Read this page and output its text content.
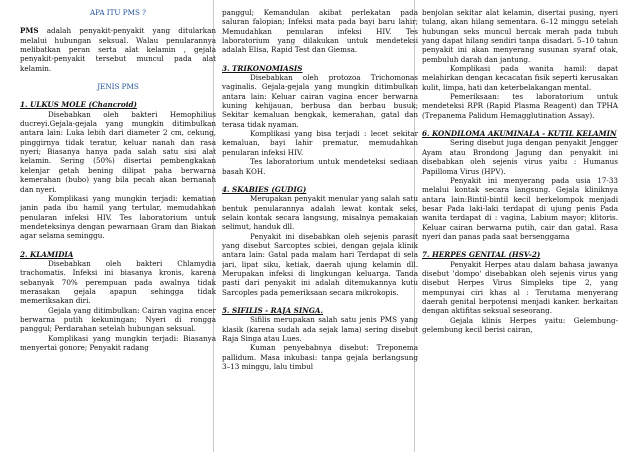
APA ITU PMS ?

PMS adalah penyakit-penyakit yang ditularkan melalui hubungan seksual. Walau penularannya melibatkan peran serta alat kelamin , gejala penyakit-penyakit tersebut muncul pada alat kelamin.

JENIS PMS

1. ULKUS MOLE (Chancroid)

Disebabkan oleh bakteri Hemophilius ducreyi.Gejala-gejala yang mungkin ditimbulkan antara lain: Luka lebih dari diameter 2 cm, cekung, pinggirnya tidak teratur, keluar nanah dan rasa nyeri; Biasanya hanya pada salah satu sisi alat kelamin. Sering (50%) disertai pembengkakan kelenjar getah bening dilipat paha berwarna kemerahan (bubo) yang bila pecah akan bernanah dan nyeri.

Komplikasi yang mungkin terjadi: kematian janin pada ibu hamil yang tertular, memudahkan penularan infeksi HIV. Tes laboratorium untuk mendeteksinya dengan pewarnaan Gram dan Biakan agar selama seminggu.

2. KLAMIDIA

Disebabkan oleh bakteri Chlamydia trachomatis. Infeksi ini biasanya kronis, karena sebanyak 70% perempuan pada awalnya tidak merasakan gejala apapun sehingga tidak memeriksakan diri.

Gejala yang ditimbulkan: Cairan vagina encer berwarna putih kekuningan; Nyeri di rongga panggul; Perdarahan setelah hubungan seksual.

Komplikasi yang mungkin terjadi: Biasanya menyertai gonore; Penyakit radang

panggul; Kemandulan akibat perlekatan pada saluran falopian; Infeksi mata pada bayi baru lahir; Memudahkan penularan infeksi HIV. Tes laboratorium yang dilakukan untuk mendeteksi adalah Elisa, Rapid Test dan Giemsa.

3. TRIKONOMIASIS

Disebabkan oleh protozoa Trichomonas vaginalis. Gejala-gejala yang mungkin ditimbulkan antara lain: Keluar cairan vagina encer berwarna kuning kehijauan, berbusa dan berbau busuk; Sekitar kemaluan bengkak, kemerahan, gatal dan terasa tidak nyaman.

Komplikasi yang bisa terjadi : lecet sekitar kemaluan, bayi lahir prematur, memudahkan penularan infeksi HIV.

Tes laboratorium untuk mendeteksi sediaan basah KOH.

4. SKABIES (GUDIG)

Merupakan penyakit menular yang salah satu bentuk penularannya adalah lewat kontak seks, selain kontak secara langsung, misalnya pemakaian selimut, handuk dll.

Penyakit ini disebabkan oleh sejenis parasit yang disebut Sarcoptes scbiei, dengan gejala klinik antara lain: Gatal pada malam hari Terdapat di sela jari, lipat siku, ketiak, daerah ujung kelamin dll. Merupakan infeksi di lingkungan keluarga. Tanda pasti dari penyakit ini adalah ditemukannya kutu Sarcoples pada pemeriksaan secara mikrokopis.

5. SIFILIS - RAJA SINGA.

Sifilis merupakan salah satu jenis PMS yang klasik (karena sudah ada sejak lama) sering disebut Raja Singa atau Lues.

Kuman penyebabnya disebut: Treponema pallidum. Masa inkubasi: tanpa gejala berlangsung 3–13 minggu, lalu timbul

benjolan sekitar alat kelamin, disertai pusing, nyeri tulang, akan hilang sementara. 6–12 minggu setelah hubungan seks muncul bercak merah pada tubuh yang dapat hilang sendiri tanpa disadari. 5–10 tahun penyakit ini akan menyerang susunan syaraf otak, pembuluh darah dan jantung.

Komplikasi pada wanita hamil: dapat melahirkan dengan kecacatan fisik seperti kerusakan kulit, limpa, hati dan keterbelakangan mental.

Pemeriksaan: tes laboratorium untuk mendeteksi RPR (Rapid Plasma Reagent) dan TPHA (Trepanema Palidum Hemagglutination Assay).

6. KONDILOMA AKUMINALA - KUTIL KELAMIN

Sering disebut juga dengan penyakit Jengger Ayam atau Brondong Jagung dan penyakit ini disebabkan oleh sejenis virus yaitu : Humanus Papilloma Virus (HPV).

Penyakit ini menyerang pada usia 17-33 melalui kontak secara langsung. Gejala kliniknya antara lain:Bintil-bintil kecil berkelompok menjadi besar Pada laki-laki terdapat di ujung penis Pada wanita terdapat di : vagina, Labium mayor; klitoris. Keluar cairan berwarna putih, cair dan gatal. Rasa nyeri dan panas pada saat bersenggama

7. HERPES GENITAL (HSV-2)

Penyakit Herpes atau dalam bahasa jawanya disebut 'dompo' disebabkan oleh sejenis virus yang disebut Herpes Virus Simpleks tipe 2, yang mempunyai ciri khas al : Terutama menyerang daerah genital berpotensi menjadi kanker. berkaitan dengan aktifitas seksual seseorang.

Gejala klinis Herpes yaitu: Gelembung-gelembung kecil berisi cairan,
